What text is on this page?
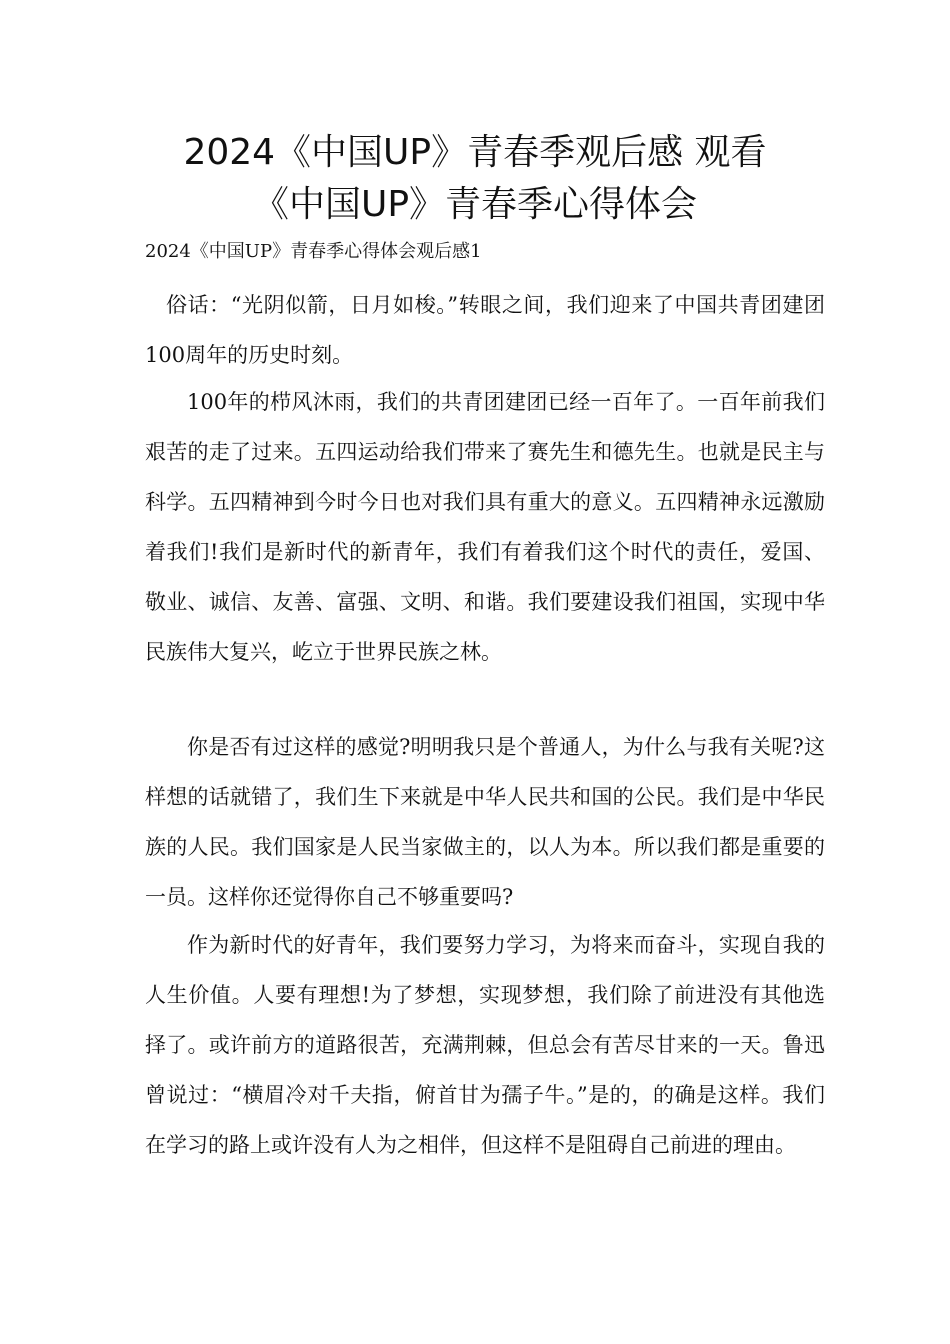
2024《中国UP》青春季观后感 观看
《中国UP》青春季心得体会
2024《中国UP》青春季心得体会观后感1

俗话：“光阴似箭，日月如梭。”转眼之间，我们迎来了中国共青团建团100周年的历史时刻。

100年的栉风沐雨，我们的共青团建团已经一百年了。一百年前我们艰苦的走了过来。五四运动给我们带来了赛先生和德先生。也就是民主与科学。五四精神到今时今日也对我们具有重大的意义。五四精神永远激励着我们!我们是新时代的新青年，我们有着我们这个时代的责任，爱国、敬业、诚信、友善、富强、文明、和谐。我们要建设我们祖国，实现中华民族伟大复兴，屹立于世界民族之林。

你是否有过这样的感觉?明明我只是个普通人，为什么与我有关呢?这样想的话就错了，我们生下来就是中华人民共和国的公民。我们是中华民族的人民。我们国家是人民当家做主的，以人为本。所以我们都是重要的一员。这样你还觉得你自己不够重要吗?

作为新时代的好青年，我们要努力学习，为将来而奋斗，实现自我的人生价值。人要有理想!为了梦想，实现梦想，我们除了前进没有其他选择了。或许前方的道路很苦，充满荆棘，但总会有苦尽甘来的一天。鲁迅曾说过：“横眉冷对千夫指，俯首甘为孺子牛。”是的，的确是这样。我们在学习的路上或许没有人为之相伴，但这样不是阻碍自己前进的理由。
